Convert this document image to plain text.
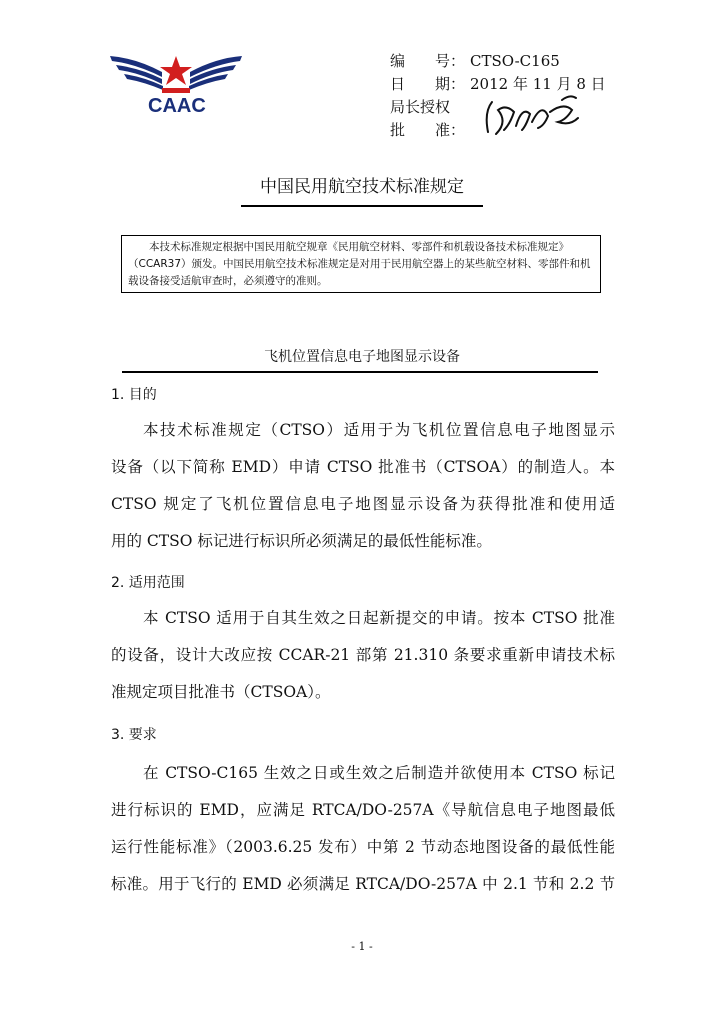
CAAC
编　　号： CTSO-C165
日　　期： 2012 年 11 月 8 日
局长授权
批　　准：
中国民用航空技术标准规定
本技术标准规定根据中国民用航空规章《民用航空材料、零部件和机载设备技术标准规定》（CCAR37）颁发。中国民用航空技术标准规定是对用于民用航空器上的某些航空材料、零部件和机载设备接受适航审查时，必须遵守的准则。
飞机位置信息电子地图显示设备
1. 目的
本技术标准规定（CTSO）适用于为飞机位置信息电子地图显示
设备（以下简称 EMD）申请 CTSO 批准书（CTSOA）的制造人。本
CTSO 规定了飞机位置信息电子地图显示设备为获得批准和使用适
用的 CTSO 标记进行标识所必须满足的最低性能标准。
2. 适用范围
本 CTSO 适用于自其生效之日起新提交的申请。按本 CTSO 批准
的设备，设计大改应按 CCAR-21 部第 21.310 条要求重新申请技术标
准规定项目批准书（CTSOA）。
3. 要求
在 CTSO-C165 生效之日或生效之后制造并欲使用本 CTSO 标记
进行标识的 EMD，应满足 RTCA/DO-257A《导航信息电子地图最低
运行性能标准》（2003.6.25 发布）中第 2 节动态地图设备的最低性能
标准。用于飞行的 EMD 必须满足 RTCA/DO-257A 中 2.1 节和 2.2 节
- 1 -
